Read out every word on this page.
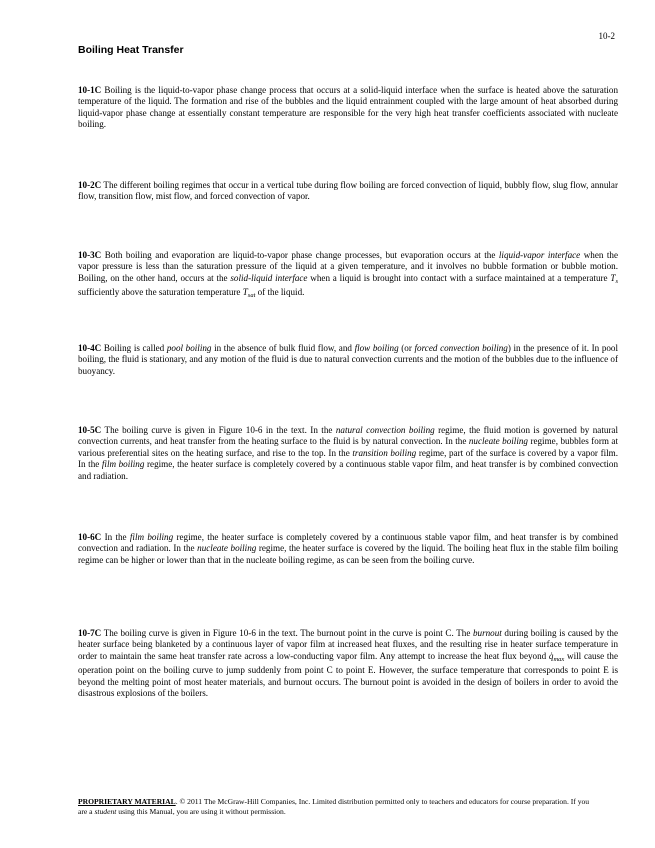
10-2
Boiling Heat Transfer
10-1C Boiling is the liquid-to-vapor phase change process that occurs at a solid-liquid interface when the surface is heated above the saturation temperature of the liquid. The formation and rise of the bubbles and the liquid entrainment coupled with the large amount of heat absorbed during liquid-vapor phase change at essentially constant temperature are responsible for the very high heat transfer coefficients associated with nucleate boiling.
10-2C The different boiling regimes that occur in a vertical tube during flow boiling are forced convection of liquid, bubbly flow, slug flow, annular flow, transition flow, mist flow, and forced convection of vapor.
10-3C Both boiling and evaporation are liquid-to-vapor phase change processes, but evaporation occurs at the liquid-vapor interface when the vapor pressure is less than the saturation pressure of the liquid at a given temperature, and it involves no bubble formation or bubble motion. Boiling, on the other hand, occurs at the solid-liquid interface when a liquid is brought into contact with a surface maintained at a temperature $T_s$ sufficiently above the saturation temperature $T_{sat}$ of the liquid.
10-4C Boiling is called pool boiling in the absence of bulk fluid flow, and flow boiling (or forced convection boiling) in the presence of it. In pool boiling, the fluid is stationary, and any motion of the fluid is due to natural convection currents and the motion of the bubbles due to the influence of buoyancy.
10-5C The boiling curve is given in Figure 10-6 in the text. In the natural convection boiling regime, the fluid motion is governed by natural convection currents, and heat transfer from the heating surface to the fluid is by natural convection. In the nucleate boiling regime, bubbles form at various preferential sites on the heating surface, and rise to the top. In the transition boiling regime, part of the surface is covered by a vapor film. In the film boiling regime, the heater surface is completely covered by a continuous stable vapor film, and heat transfer is by combined convection and radiation.
10-6C In the film boiling regime, the heater surface is completely covered by a continuous stable vapor film, and heat transfer is by combined convection and radiation. In the nucleate boiling regime, the heater surface is covered by the liquid. The boiling heat flux in the stable film boiling regime can be higher or lower than that in the nucleate boiling regime, as can be seen from the boiling curve.
10-7C The boiling curve is given in Figure 10-6 in the text. The burnout point in the curve is point C. The burnout during boiling is caused by the heater surface being blanketed by a continuous layer of vapor film at increased heat fluxes, and the resulting rise in heater surface temperature in order to maintain the same heat transfer rate across a low-conducting vapor film. Any attempt to increase the heat flux beyond $q̇_{max}$ will cause the operation point on the boiling curve to jump suddenly from point C to point E. However, the surface temperature that corresponds to point E is beyond the melting point of most heater materials, and burnout occurs. The burnout point is avoided in the design of boilers in order to avoid the disastrous explosions of the boilers.
PROPRIETARY MATERIAL. © 2011 The McGraw-Hill Companies, Inc. Limited distribution permitted only to teachers and educators for course preparation. If you are a student using this Manual, you are using it without permission.
